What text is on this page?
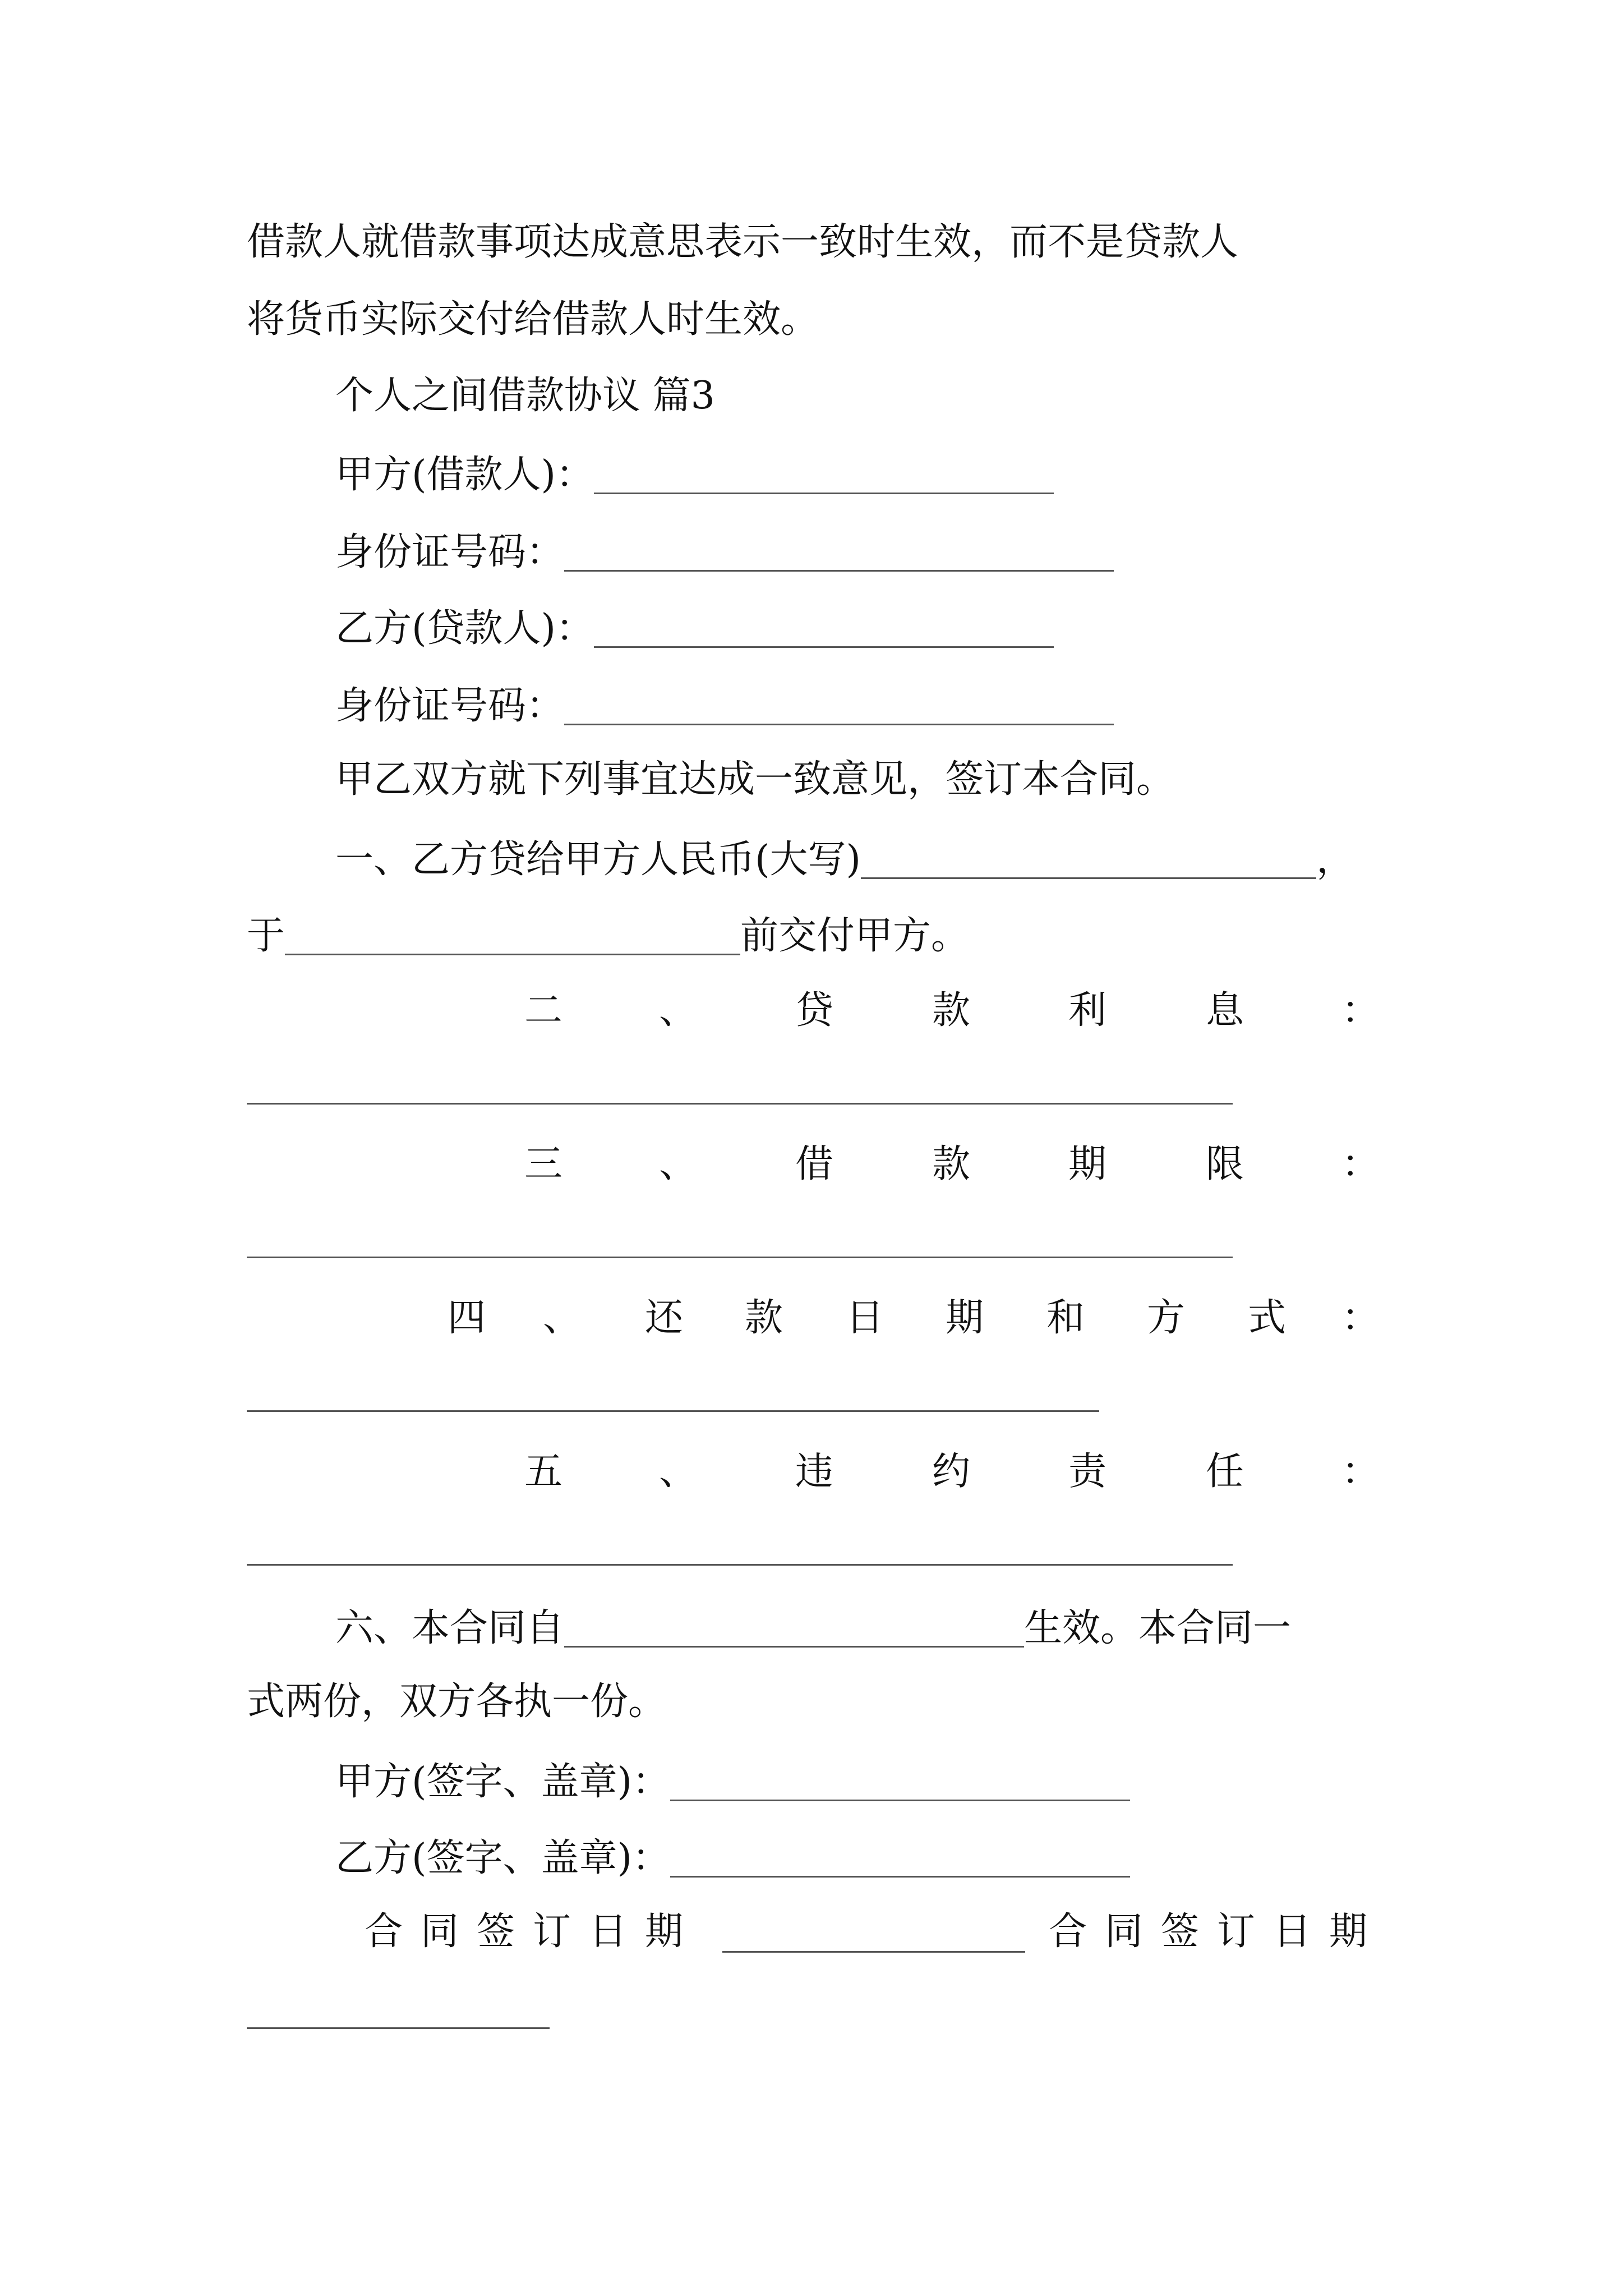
借款人就借款事项达成意思表示一致时生效，而不是贷款人
将货币实际交付给借款人时生效。
个人之间借款协议 篇3
甲方(借款人)：
身份证号码：
乙方(贷款人)：
身份证号码：
甲乙双方就下列事宜达成一致意见，签订本合同。
一、乙方贷给甲方人民币(大写)	，
于	前交付甲方。
二	、	贷	款	利	息	：
三	、	借	款	期	限	：
四 、 还 款 日 期 和 方 式 ：
五	、	违	约	责	任	：
六、本合同自	生效。本合同一
式两份，双方各执一份。
甲方(签字、盖章)：
乙方(签字、盖章)：
合同签订日期	合同签订日期
